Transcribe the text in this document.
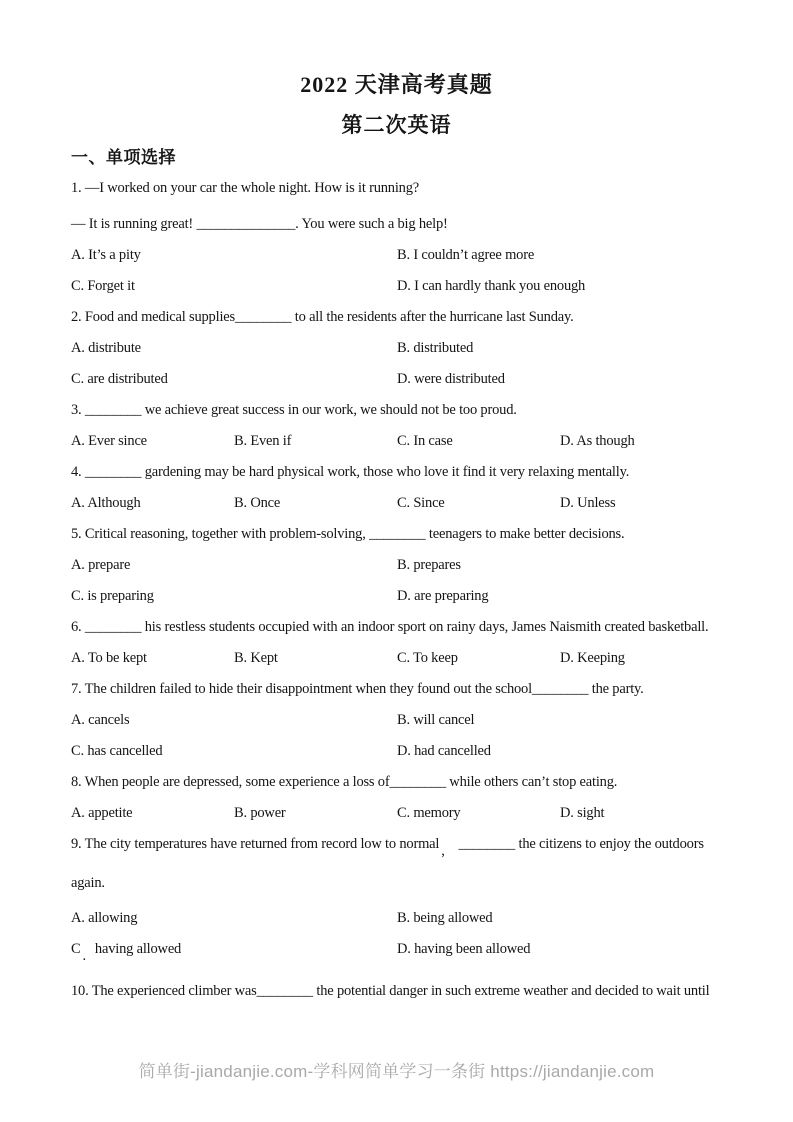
2022 天津高考真题
第二次英语
一、单项选择

1. —I worked on your car the whole night. How is it running?

— It is running great! ______________. You were such a big help!

A. It’s a pity	B. I couldn’t agree more
C. Forget it	D. I can hardly thank you enough

2. Food and medical supplies________ to all the residents after the hurricane last Sunday.

A. distribute	B. distributed
C. are distributed	D. were distributed

3. ________ we achieve great success in our work, we should not be too proud.

A. Ever since	B. Even if	C. In case	D. As though

4. ________ gardening may be hard physical work, those who love it find it very relaxing mentally.

A. Although	B. Once	C. Since	D. Unless

5. Critical reasoning, together with problem-solving, ________ teenagers to make better decisions.

A. prepare	B. prepares
C. is preparing	D. are preparing

6. ________ his restless students occupied with an indoor sport on rainy days, James Naismith created basketball.

A. To be kept	B. Kept	C. To keep	D. Keeping

7. The children failed to hide their disappointment when they found out the school________ the party.

A. cancels	B. will cancel
C. has cancelled	D. had cancelled

8. When people are depressed, some experience a loss of________ while others can’t stop eating.

A. appetite	B. power	C. memory	D. sight

9. The city temperatures have returned from record low to normal , ________ the citizens to enjoy the outdoors

again.

A. allowing	B. being allowed
C . having allowed	D. having been allowed

10. The experienced climber was________ the potential danger in such extreme weather and decided to wait until

简单街-jiandanjie.com-学科网简单学习一条街 https://jiandanjie.com
